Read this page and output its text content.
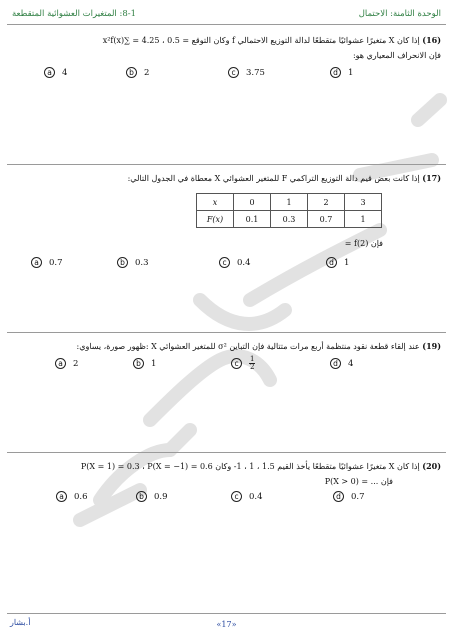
الوحدة الثامنة: الاحتمال
8-1: المتغيرات العشوائية المتقطعة
(16) إذا كان X متغيرًا عشوائيًا متقطعًا لدالة التوزيع الاحتمالي f وكان التوقع = 0.5 ، 4.25 = ∑x²f(x)
فإن الانحراف المعياري هو:
a	4	b	2	c	3.75	d	1
(17) إذا كانت بعض قيم دالة التوزيع التراكمي F للمتغير العشوائي X معطاة في الجدول التالي:
x	0	1	2	3
F(x)	0.1	0.3	0.7	1
فإن f(2) =
a	0.7	b	0.3	c	0.4	d	1
(19) عند إلقاء قطعة نقود منتظمة أربع مرات متتالية فإن التباين σ² للمتغير العشوائي X :ظهور صورة، يساوي:
a	2	b	1	c	$\frac{1}{2}$	d	4
(20) إذا كان X متغيرًا عشوائيًا متقطعًا يأخذ القيم 1.5 ، 1 ، 1- وكان P(X = 1) = 0.3 ، P(X = −1) = 0.6
فإن ... = P(X > 0)
a	0.6	b	0.9	c	0.4	d	0.7
أ.بشار	«17»
